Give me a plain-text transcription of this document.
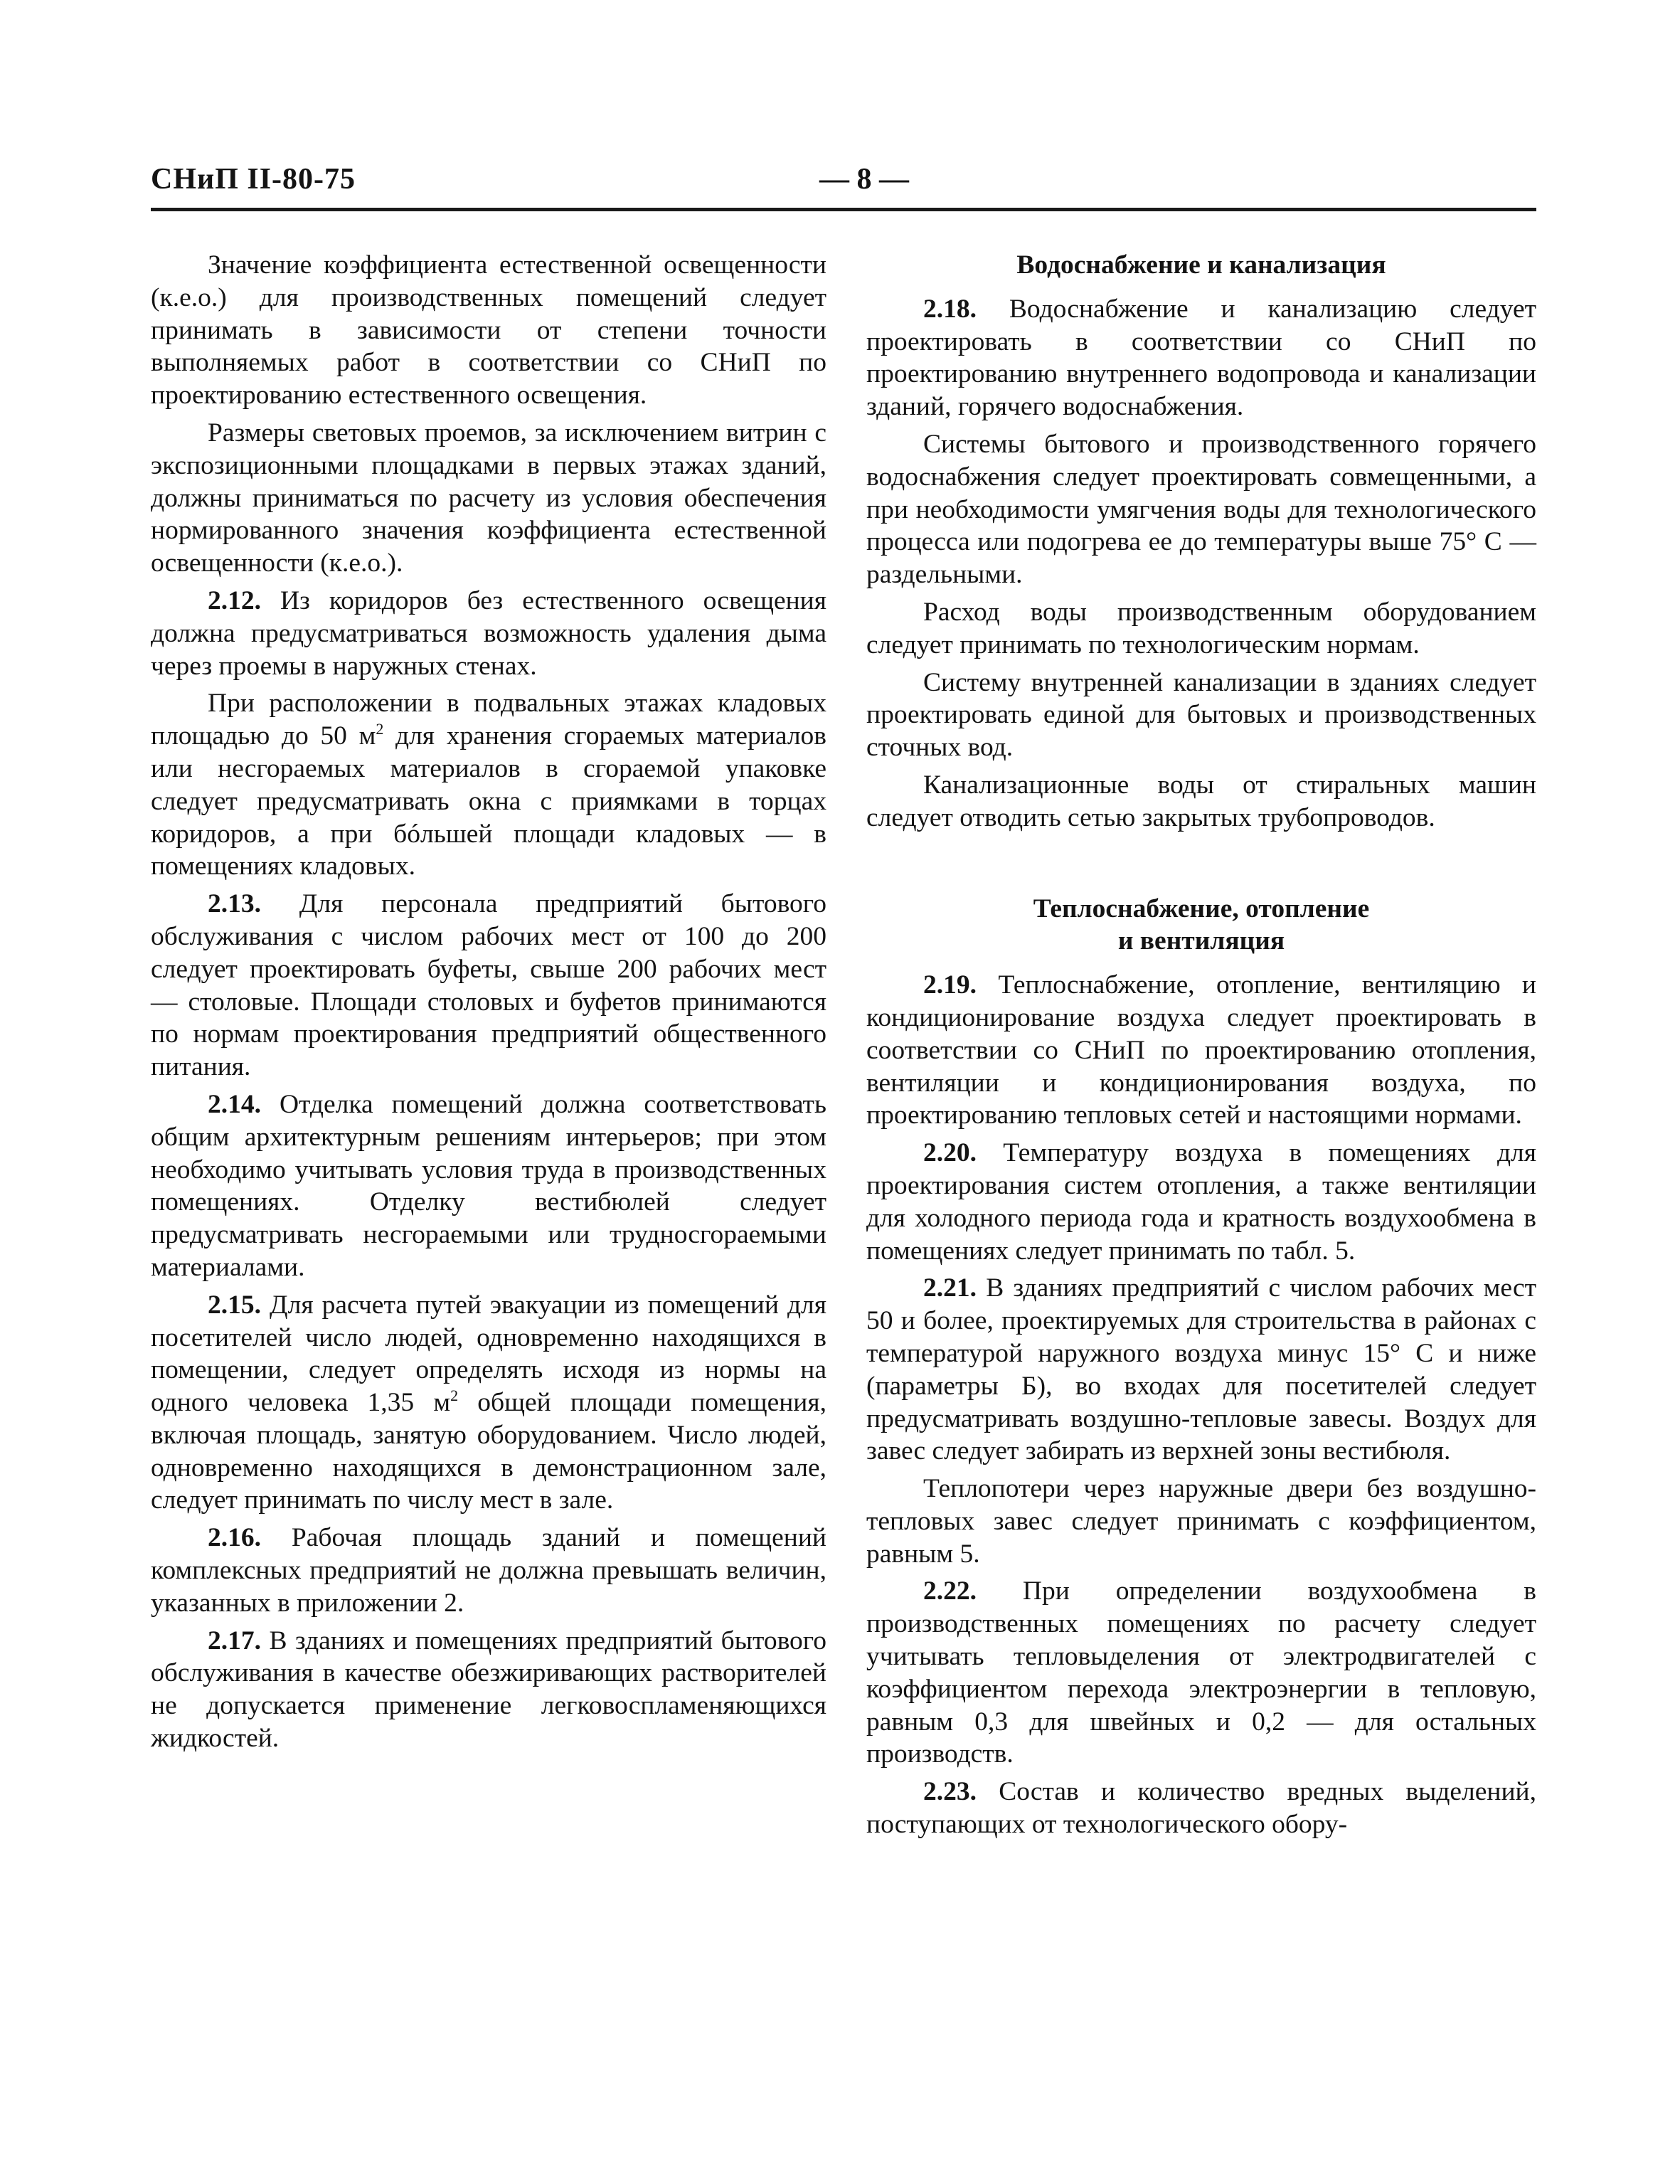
СНиП II-80-75	— 8 —

Значение коэффициента естественной освещенности (к.е.о.) для производственных помещений следует принимать в зависимости от степени точности выполняемых работ в соответствии со СНиП по проектированию естественного освещения.

Размеры световых проемов, за исключением витрин с экспозиционными площадками в первых этажах зданий, должны приниматься по расчету из условия обеспечения нормированного значения коэффициента естественной освещенности (к.е.о.).

2.12. Из коридоров без естественного освещения должна предусматриваться возможность удаления дыма через проемы в наружных стенах.

При расположении в подвальных этажах кладовых площадью до 50 $м^2$ для хранения сгораемых материалов или несгораемых материалов в сгораемой упаковке следует предусматривать окна с приямками в торцах коридоров, а при бóльшей площади кладовых — в помещениях кладовых.

2.13. Для персонала предприятий бытового обслуживания с числом рабочих мест от 100 до 200 следует проектировать буфеты, свыше 200 рабочих мест — столовые. Площади столовых и буфетов принимаются по нормам проектирования предприятий общественного питания.

2.14. Отделка помещений должна соответствовать общим архитектурным решениям интерьеров; при этом необходимо учитывать условия труда в производственных помещениях. Отделку вестибюлей следует предусматривать несгораемыми или трудносгораемыми материалами.

2.15. Для расчета путей эвакуации из помещений для посетителей число людей, одновременно находящихся в помещении, следует определять исходя из нормы на одного человека 1,35 $м^2$ общей площади помещения, включая площадь, занятую оборудованием. Число людей, одновременно находящихся в демонстрационном зале, следует принимать по числу мест в зале.

2.16. Рабочая площадь зданий и помещений комплексных предприятий не должна превышать величин, указанных в приложении 2.

2.17. В зданиях и помещениях предприятий бытового обслуживания в качестве обезжиривающих растворителей не допускается применение легковоспламеняющихся жидкостей.

Водоснабжение и канализация

2.18. Водоснабжение и канализацию следует проектировать в соответствии со СНиП по проектированию внутреннего водопровода и канализации зданий, горячего водоснабжения.

Системы бытового и производственного горячего водоснабжения следует проектировать совмещенными, а при необходимости умягчения воды для технологического процесса или подогрева ее до температуры выше 75° С — раздельными.

Расход воды производственным оборудованием следует принимать по технологическим нормам.

Систему внутренней канализации в зданиях следует проектировать единой для бытовых и производственных сточных вод.

Канализационные воды от стиральных машин следует отводить сетью закрытых трубопроводов.

Теплоснабжение, отопление
и вентиляция

2.19. Теплоснабжение, отопление, вентиляцию и кондиционирование воздуха следует проектировать в соответствии со СНиП по проектированию отопления, вентиляции и кондиционирования воздуха, по проектированию тепловых сетей и настоящими нормами.

2.20. Температуру воздуха в помещениях для проектирования систем отопления, а также вентиляции для холодного периода года и кратность воздухообмена в помещениях следует принимать по табл. 5.

2.21. В зданиях предприятий с числом рабочих мест 50 и более, проектируемых для строительства в районах с температурой наружного воздуха минус 15° С и ниже (параметры Б), во входах для посетителей следует предусматривать воздушно-тепловые завесы. Воздух для завес следует забирать из верхней зоны вестибюля.

Теплопотери через наружные двери без воздушно-тепловых завес следует принимать с коэффициентом, равным 5.

2.22. При определении воздухообмена в производственных помещениях по расчету следует учитывать тепловыделения от электродвигателей с коэффициентом перехода электроэнергии в тепловую, равным 0,3 для швейных и 0,2 — для остальных производств.

2.23. Состав и количество вредных выделений, поступающих от технологического обору-
